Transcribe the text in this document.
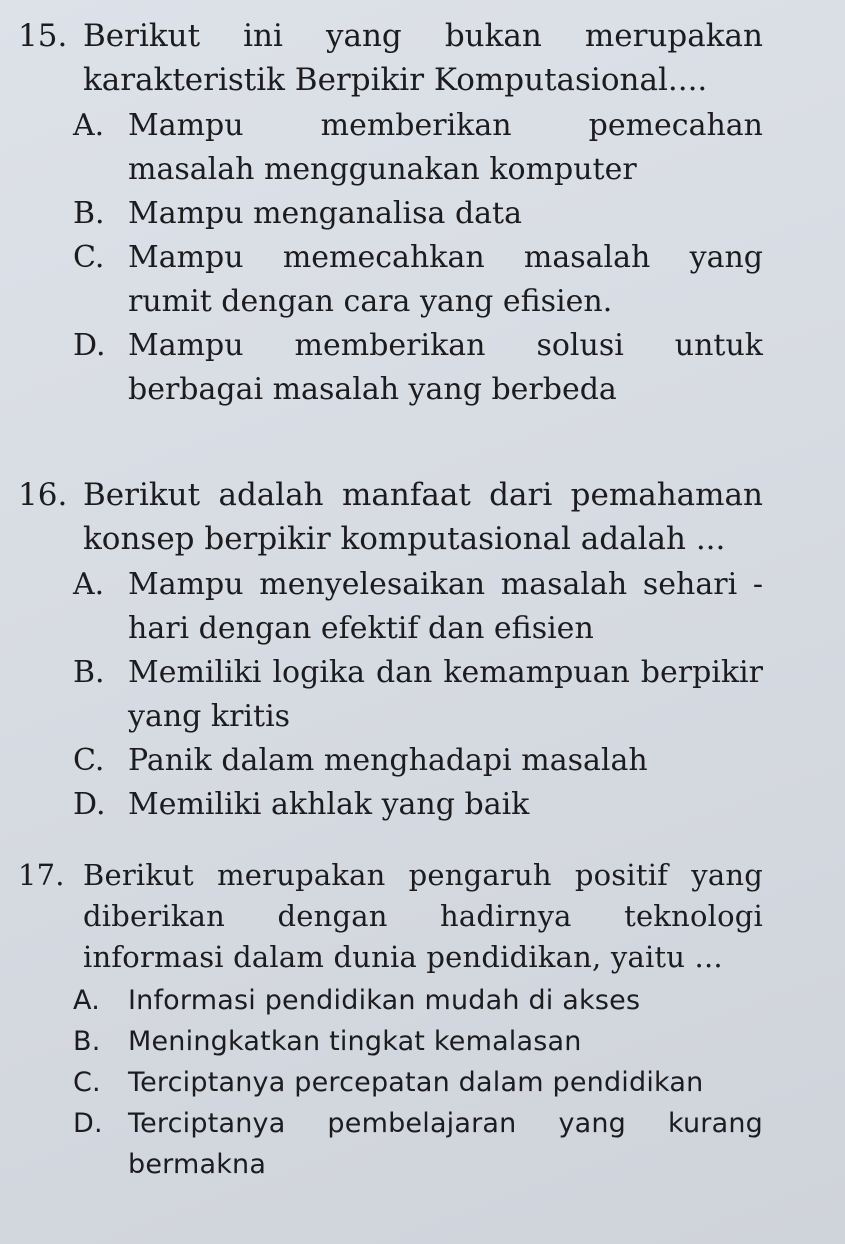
15. Berikut ini yang bukan merupakan karakteristik Berpikir Komputasional....
A. Mampu memberikan pemecahan masalah menggunakan komputer
B. Mampu menganalisa data
C. Mampu memecahkan masalah yang rumit dengan cara yang efisien.
D. Mampu memberikan solusi untuk berbagai masalah yang berbeda
16. Berikut adalah manfaat dari pemahaman konsep berpikir komputasional adalah ...
A. Mampu menyelesaikan masalah sehari - hari dengan efektif dan efisien
B. Memiliki logika dan kemampuan berpikir yang kritis
C. Panik dalam menghadapi masalah
D. Memiliki akhlak yang baik
17. Berikut merupakan pengaruh positif yang diberikan dengan hadirnya teknologi informasi dalam dunia pendidikan, yaitu ...
A. Informasi pendidikan mudah di akses
B. Meningkatkan tingkat kemalasan
C. Terciptanya percepatan dalam pendidikan
D. Terciptanya pembelajaran yang kurang bermakna
